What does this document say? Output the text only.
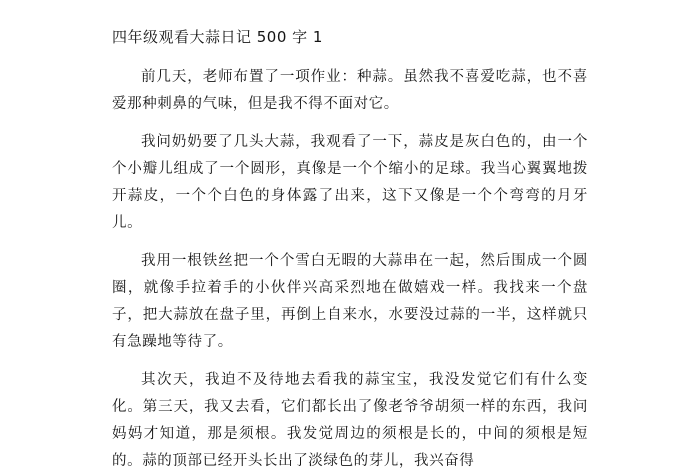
四年级观看大蒜日记 500 字 1

前几天，老师布置了一项作业：种蒜。虽然我不喜爱吃蒜，也不喜爱那种刺鼻的气味，但是我不得不面对它。

我问奶奶要了几头大蒜，我观看了一下，蒜皮是灰白色的，由一个个小瓣儿组成了一个圆形，真像是一个个缩小的足球。我当心翼翼地拨开蒜皮，一个个白色的身体露了出来，这下又像是一个个弯弯的月牙儿。

我用一根铁丝把一个个雪白无暇的大蒜串在一起，然后围成一个圆圈，就像手拉着手的小伙伴兴高采烈地在做嬉戏一样。我找来一个盘子，把大蒜放在盘子里，再倒上自来水，水要没过蒜的一半，这样就只有急躁地等待了。

其次天，我迫不及待地去看我的蒜宝宝，我没发觉它们有什么变化。第三天，我又去看，它们都长出了像老爷爷胡须一样的东西，我问妈妈才知道，那是须根。我发觉周边的须根是长的，中间的须根是短的。蒜的顶部已经开头长出了淡绿色的芽儿，我兴奋得
